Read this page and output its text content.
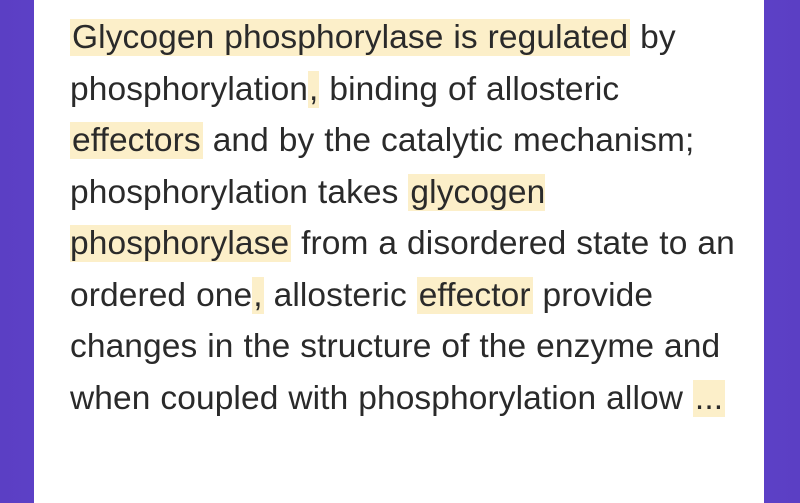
Glycogen phosphorylase is regulated by phosphorylation, binding of allosteric effectors and by the catalytic mechanism; phosphorylation takes glycogen phosphorylase from a disordered state to an ordered one, allosteric effector provide changes in the structure of the enzyme and when coupled with phosphorylation allow ...
